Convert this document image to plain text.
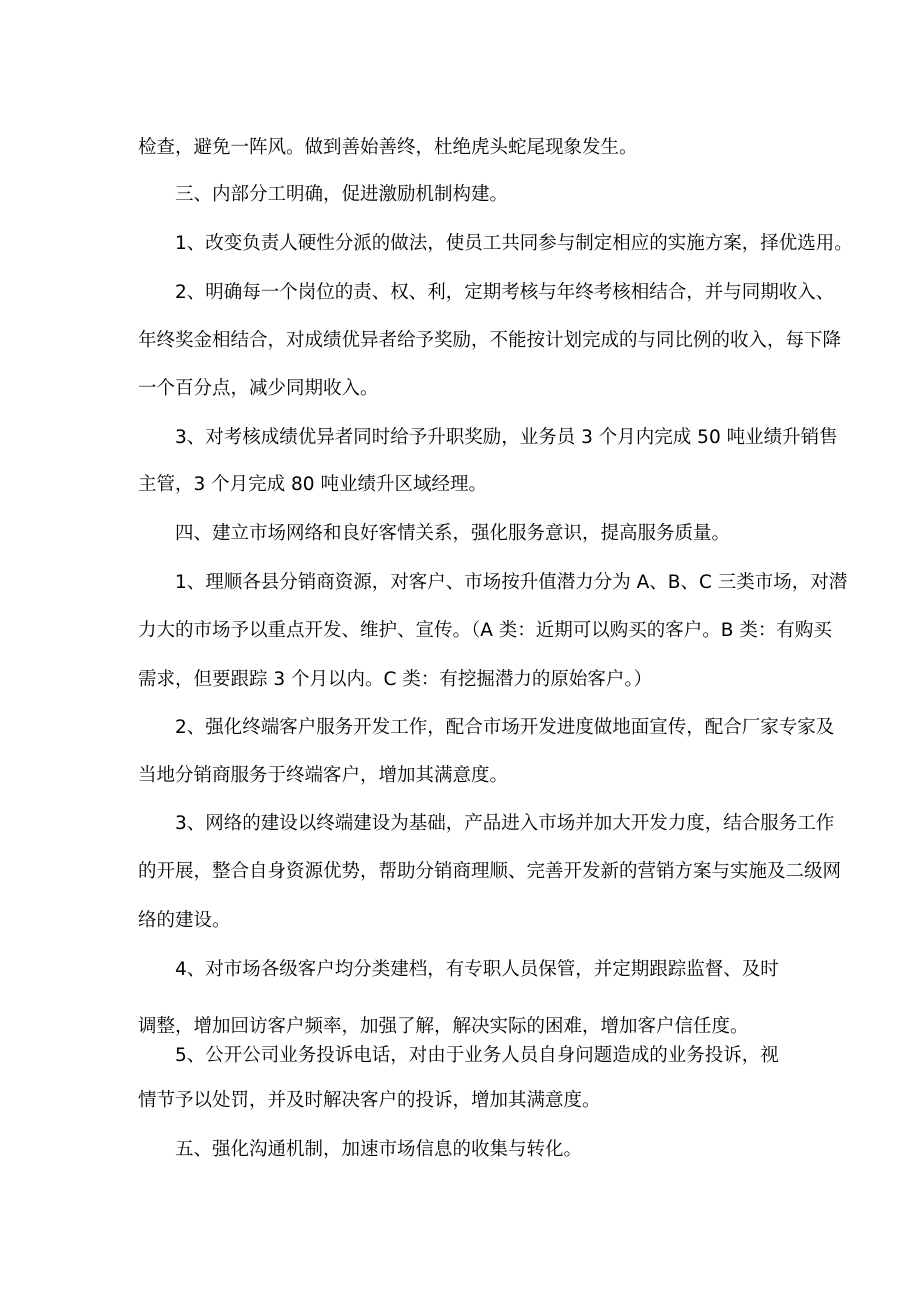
检查，避免一阵风。做到善始善终，杜绝虎头蛇尾现象发生。

三、内部分工明确，促进激励机制构建。

1、改变负责人硬性分派的做法，使员工共同参与制定相应的实施方案，择优选用。

2、明确每一个岗位的责、权、利，定期考核与年终考核相结合，并与同期收入、

年终奖金相结合，对成绩优异者给予奖励，不能按计划完成的与同比例的收入，每下降

一个百分点，减少同期收入。

3、对考核成绩优异者同时给予升职奖励，业务员 3 个月内完成 50 吨业绩升销售

主管，3 个月完成 80 吨业绩升区域经理。

四、建立市场网络和良好客情关系，强化服务意识，提高服务质量。

1、理顺各县分销商资源，对客户、市场按升值潜力分为 A、B、C 三类市场，对潜

力大的市场予以重点开发、维护、宣传。（A 类：近期可以购买的客户。B 类：有购买

需求，但要跟踪 3 个月以内。C 类：有挖掘潜力的原始客户。）

2、强化终端客户服务开发工作，配合市场开发进度做地面宣传，配合厂家专家及

当地分销商服务于终端客户，增加其满意度。

3、网络的建设以终端建设为基础，产品进入市场并加大开发力度，结合服务工作

的开展，整合自身资源优势，帮助分销商理顺、完善开发新的营销方案与实施及二级网

络的建设。

4、对市场各级客户均分类建档，有专职人员保管，并定期跟踪监督、及时

调整，增加回访客户频率，加强了解，解决实际的困难，增加客户信任度。

5、公开公司业务投诉电话，对由于业务人员自身问题造成的业务投诉，视

情节予以处罚，并及时解决客户的投诉，增加其满意度。

五、强化沟通机制，加速市场信息的收集与转化。
